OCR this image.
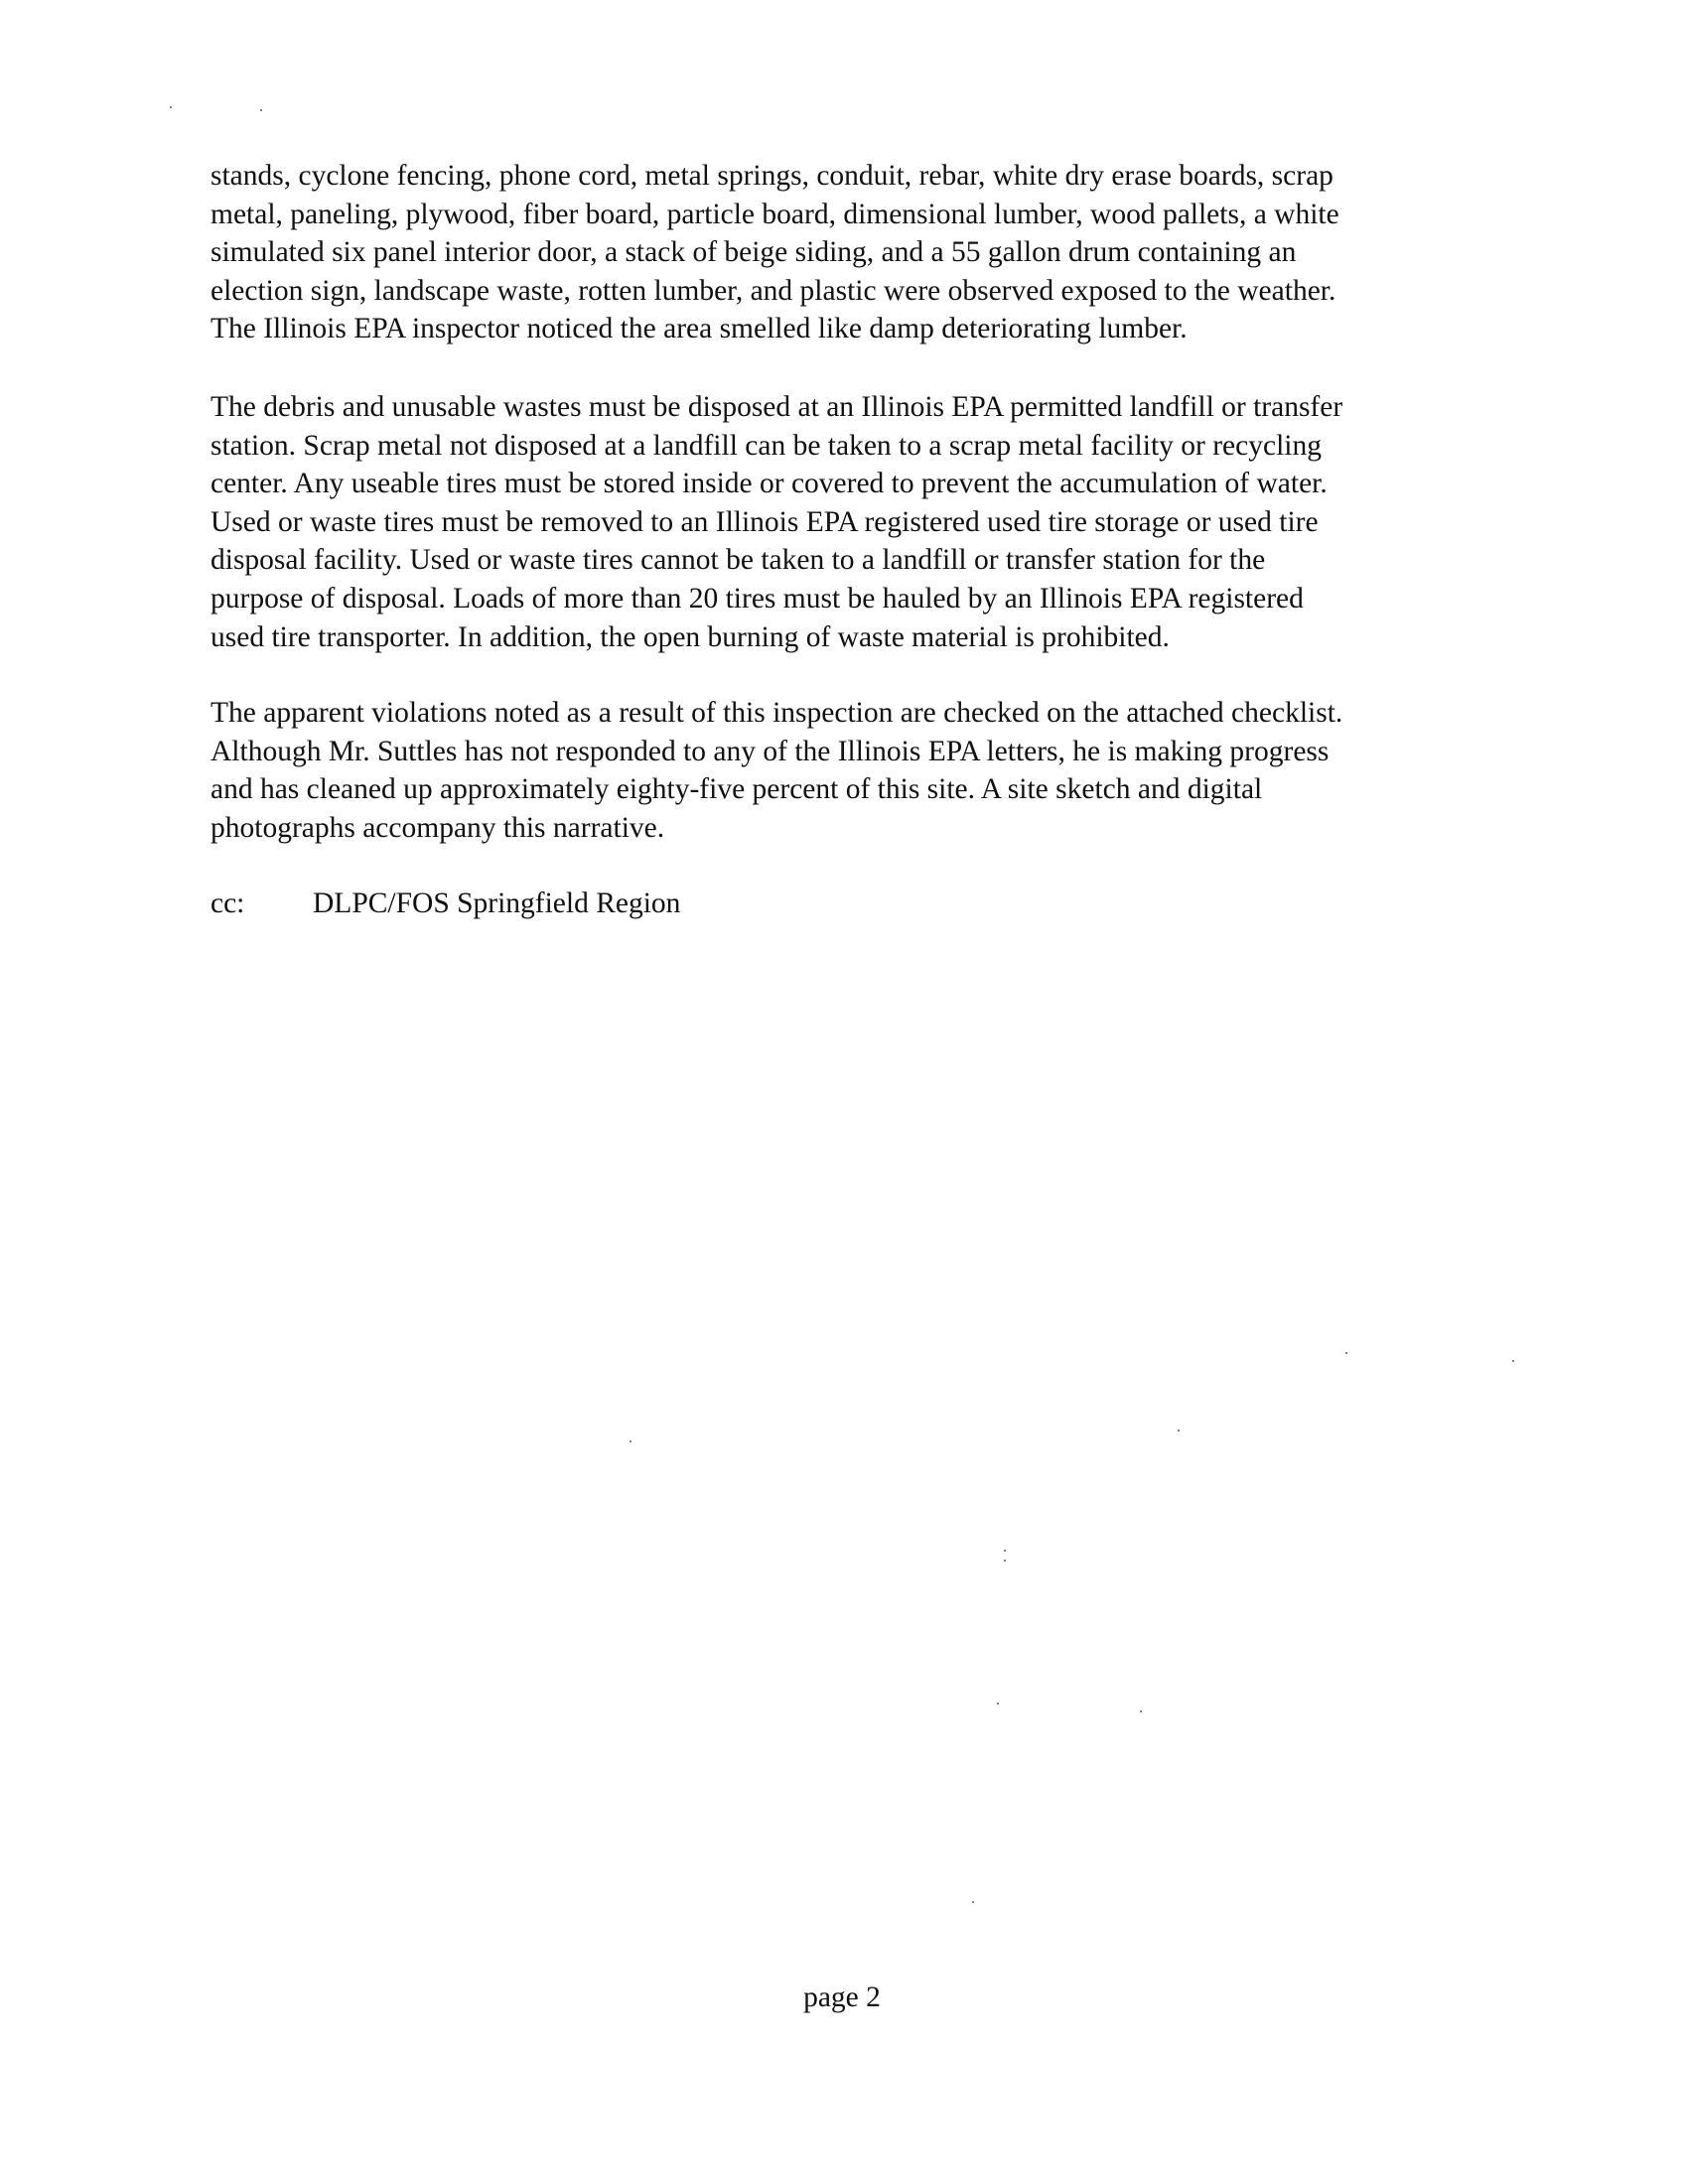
stands, cyclone fencing, phone cord, metal springs, conduit, rebar, white dry erase boards, scrap
metal, paneling, plywood, fiber board, particle board, dimensional lumber, wood pallets, a white
simulated six panel interior door, a stack of beige siding, and a 55 gallon drum containing an
election sign, landscape waste, rotten lumber, and plastic were observed exposed to the weather.
The Illinois EPA inspector noticed the area smelled like damp deteriorating lumber.

The debris and unusable wastes must be disposed at an Illinois EPA permitted landfill or transfer
station. Scrap metal not disposed at a landfill can be taken to a scrap metal facility or recycling
center. Any useable tires must be stored inside or covered to prevent the accumulation of water.
Used or waste tires must be removed to an Illinois EPA registered used tire storage or used tire
disposal facility. Used or waste tires cannot be taken to a landfill or transfer station for the
purpose of disposal. Loads of more than 20 tires must be hauled by an Illinois EPA registered
used tire transporter. In addition, the open burning of waste material is prohibited.

The apparent violations noted as a result of this inspection are checked on the attached checklist.
Although Mr. Suttles has not responded to any of the Illinois EPA letters, he is making progress
and has cleaned up approximately eighty-five percent of this site. A site sketch and digital
photographs accompany this narrative.

cc: DLPC/FOS Springfield Region
page 2
